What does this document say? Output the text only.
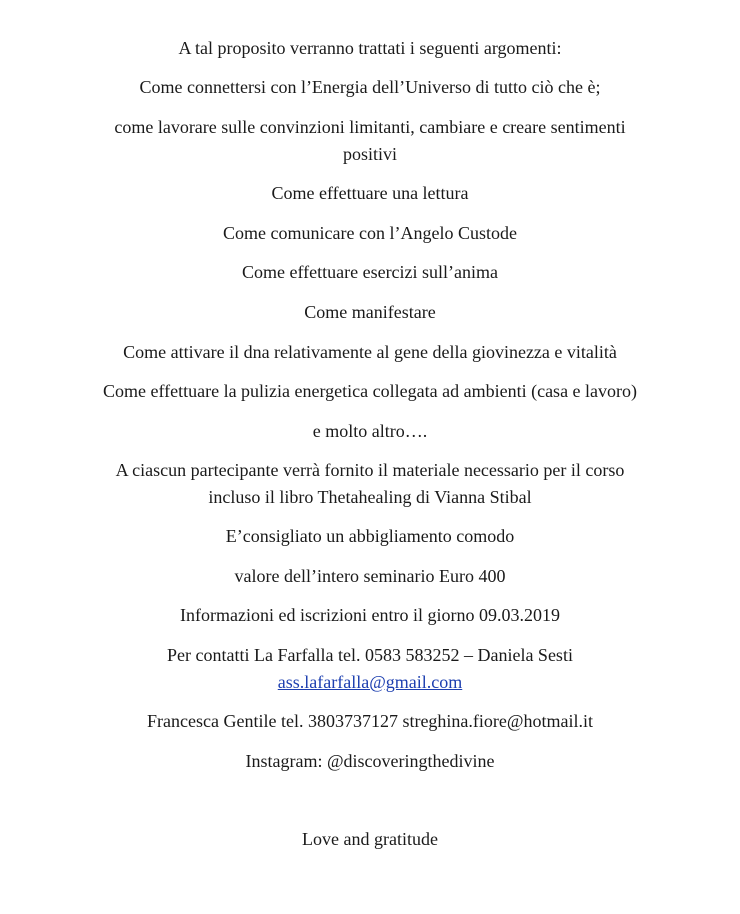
A tal proposito verranno trattati i seguenti argomenti:
Come connettersi con l’Energia dell’Universo di tutto ciò che è;
come lavorare sulle convinzioni limitanti, cambiare e creare sentimenti
positivi
Come effettuare una lettura
Come comunicare con l’Angelo Custode
Come effettuare esercizi sull’anima
Come manifestare
Come attivare il dna relativamente al gene della giovinezza e vitalità
Come effettuare la pulizia energetica collegata ad ambienti (casa e lavoro)
e molto altro….
A ciascun partecipante verrà fornito il materiale necessario per il corso
incluso il libro Thetahealing di Vianna Stibal
E’consigliato un abbigliamento comodo
valore dell’intero seminario Euro 400
Informazioni ed iscrizioni entro il giorno 09.03.2019
Per contatti La Farfalla tel. 0583 583252 – Daniela Sesti
ass.lafarfalla@gmail.com
Francesca Gentile tel. 3803737127 streghina.fiore@hotmail.it
Instagram: @discoveringthedivine
Love and gratitude
